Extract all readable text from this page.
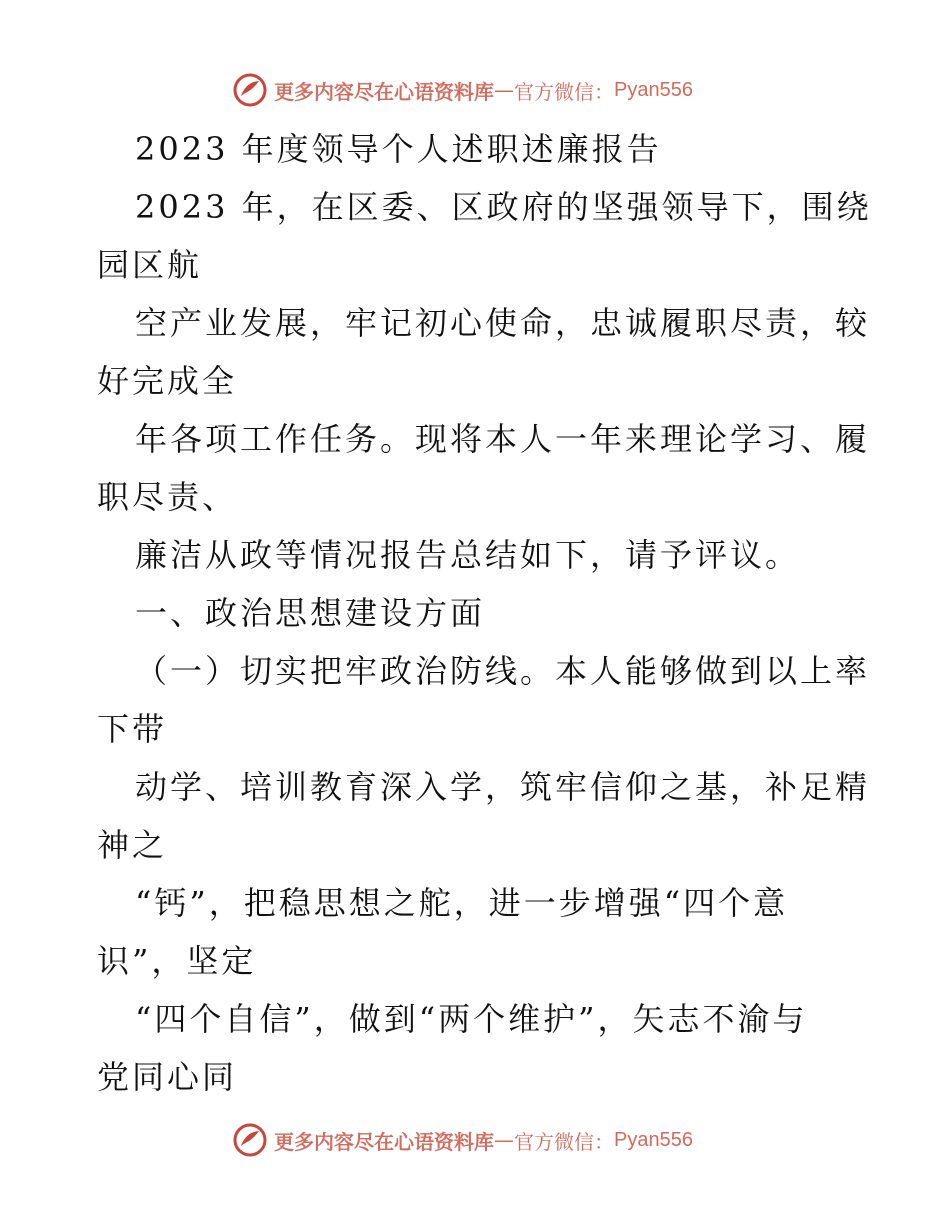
更多内容尽在心语资料库 — 官方微信： Pyan556
2023 年度领导个人述职述廉报告
2023 年，在区委、区政府的坚强领导下，围绕
园区航
空产业发展，牢记初心使命，忠诚履职尽责，较
好完成全
年各项工作任务。现将本人一年来理论学习、履
职尽责、
廉洁从政等情况报告总结如下，请予评议。
一、政治思想建设方面
（一）切实把牢政治防线。本人能够做到以上率
下带
动学、培训教育深入学，筑牢信仰之基，补足精
神之
“钙”，把稳思想之舵，进一步增强“四个意
识”，坚定
“四个自信”，做到“两个维护”，矢志不渝与
党同心同
更多内容尽在心语资料库 — 官方微信： Pyan556
